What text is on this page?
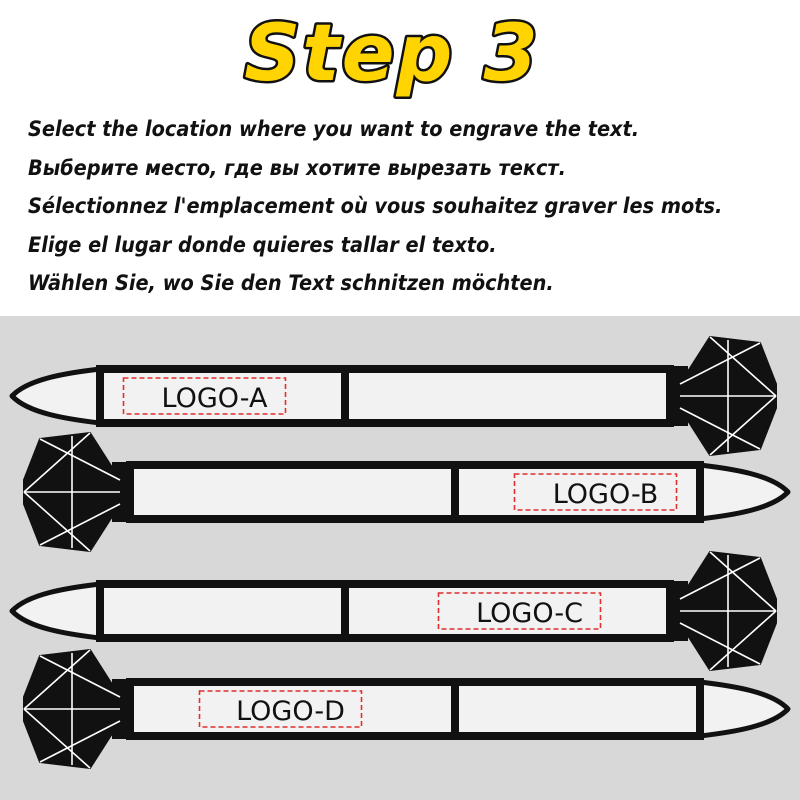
Step 3
Select the location where you want to engrave the text.
Выберите место, где вы хотите вырезать текст.
Sélectionnez l'emplacement où vous souhaitez graver les mots.
Elige el lugar donde quieres tallar el texto.
Wählen Sie, wo Sie den Text schnitzen möchten.
LOGO-A
LOGO-B
LOGO-C
LOGO-D
